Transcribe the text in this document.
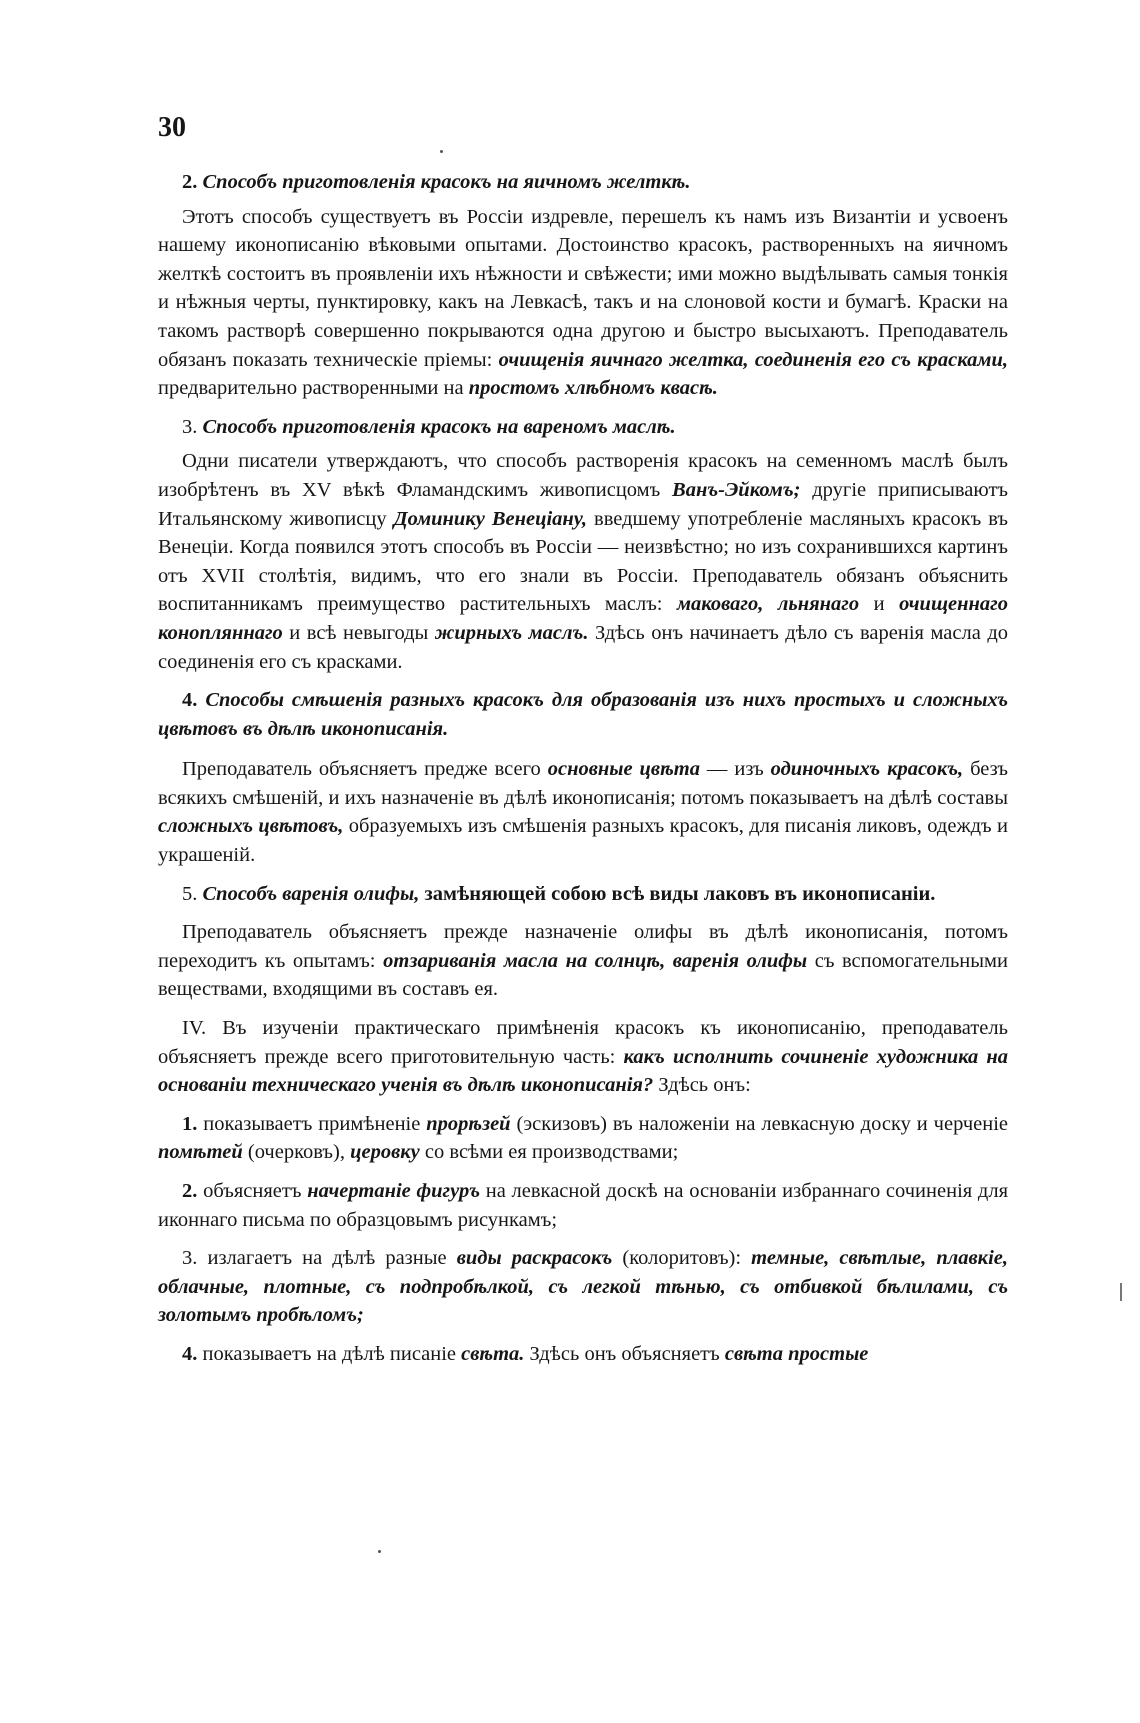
30

2. Способъ приготовленія красокъ на яичномъ желткѣ.

Этотъ способъ существуетъ въ Россіи издревле, перешелъ къ намъ изъ Византіи и усвоенъ нашему иконописанію вѣковыми опытами. Достоинство красокъ, растворенныхъ на яичномъ желткѣ состоитъ въ проявленіи ихъ нѣжности и свѣжести; ими можно выдѣлывать самыя тонкія и нѣжныя черты, пунктировку, какъ на Левкасѣ, такъ и на слоновой кости и бумагѣ. Краски на такомъ растворѣ совершенно покрываются одна другою и быстро высыхаютъ. Преподаватель обязанъ показать техническіе пріемы: очищенія яичнаго желтка, соединенія его съ красками, предварительно растворенными на простомъ хлѣбномъ квасѣ.

3. Способъ приготовленія красокъ на вареномъ маслѣ.

Одни писатели утверждаютъ, что способъ растворенія красокъ на семенномъ маслѣ былъ изобрѣтенъ въ XV вѣкѣ Фламандскимъ живописцомъ Ванъ-Эйкомъ; другіе приписываютъ Итальянскому живописцу Доминику Венеціану, введшему употребленіе масляныхъ красокъ въ Венеціи. Когда появился этотъ способъ въ Россіи — неизвѣстно; но изъ сохранившихся картинъ отъ XVII столѣтія, видимъ, что его знали въ Россіи. Преподаватель обязанъ объяснить воспитанникамъ преимущество растительныхъ маслъ: маковаго, льнянаго и очищеннаго конопляннаго и всѣ невыгоды жирныхъ маслъ. Здѣсь онъ начинаетъ дѣло съ варенія масла до соединенія его съ красками.

4. Способы смѣшенія разныхъ красокъ для образованія изъ нихъ простыхъ и сложныхъ цвѣтовъ въ дѣлѣ иконописанія.

Преподаватель объясняетъ предже всего основные цвѣта — изъ одиночныхъ красокъ, безъ всякихъ смѣшеній, и ихъ назначеніе въ дѣлѣ иконописанія; потомъ показываетъ на дѣлѣ составы сложныхъ цвѣтовъ, образуемыхъ изъ смѣшенія разныхъ красокъ, для писанія ликовъ, одеждъ и украшеній.

5. Способъ варенія олифы, замѣняющей собою всѣ виды лаковъ въ иконописаніи.

Преподаватель объясняетъ прежде назначеніе олифы въ дѣлѣ иконописанія, потомъ переходитъ къ опытамъ: отзариванія масла на солнцѣ, варенія олифы съ вспомогательными веществами, входящими въ составъ ея.

IV. Въ изученіи практическаго примѣненія красокъ къ иконописанію, преподаватель объясняетъ прежде всего приготовительную часть: какъ исполнить сочиненіе художника на основаніи техническаго ученія въ дѣлѣ иконописанія? Здѣсь онъ:

1. показываетъ примѣненіе прорѣзей (эскизовъ) въ наложеніи на левкасную доску и черченіе помѣтей (очерковъ), церовку со всѣми ея производствами;

2. объясняетъ начертаніе фигуръ на левкасной доскѣ на основаніи избраннаго сочиненія для иконнаго письма по образцовымъ рисункамъ;

3. излагаетъ на дѣлѣ разные виды раскрасокъ (колоритовъ): темные, свѣтлые, плавкіе, облачные, плотные, съ подпробѣлкой, съ легкой тѣнью, съ отбивкой бѣлилами, съ золотымъ пробѣломъ;

4. показываетъ на дѣлѣ писаніе свѣта. Здѣсь онъ объясняетъ свѣта простые
